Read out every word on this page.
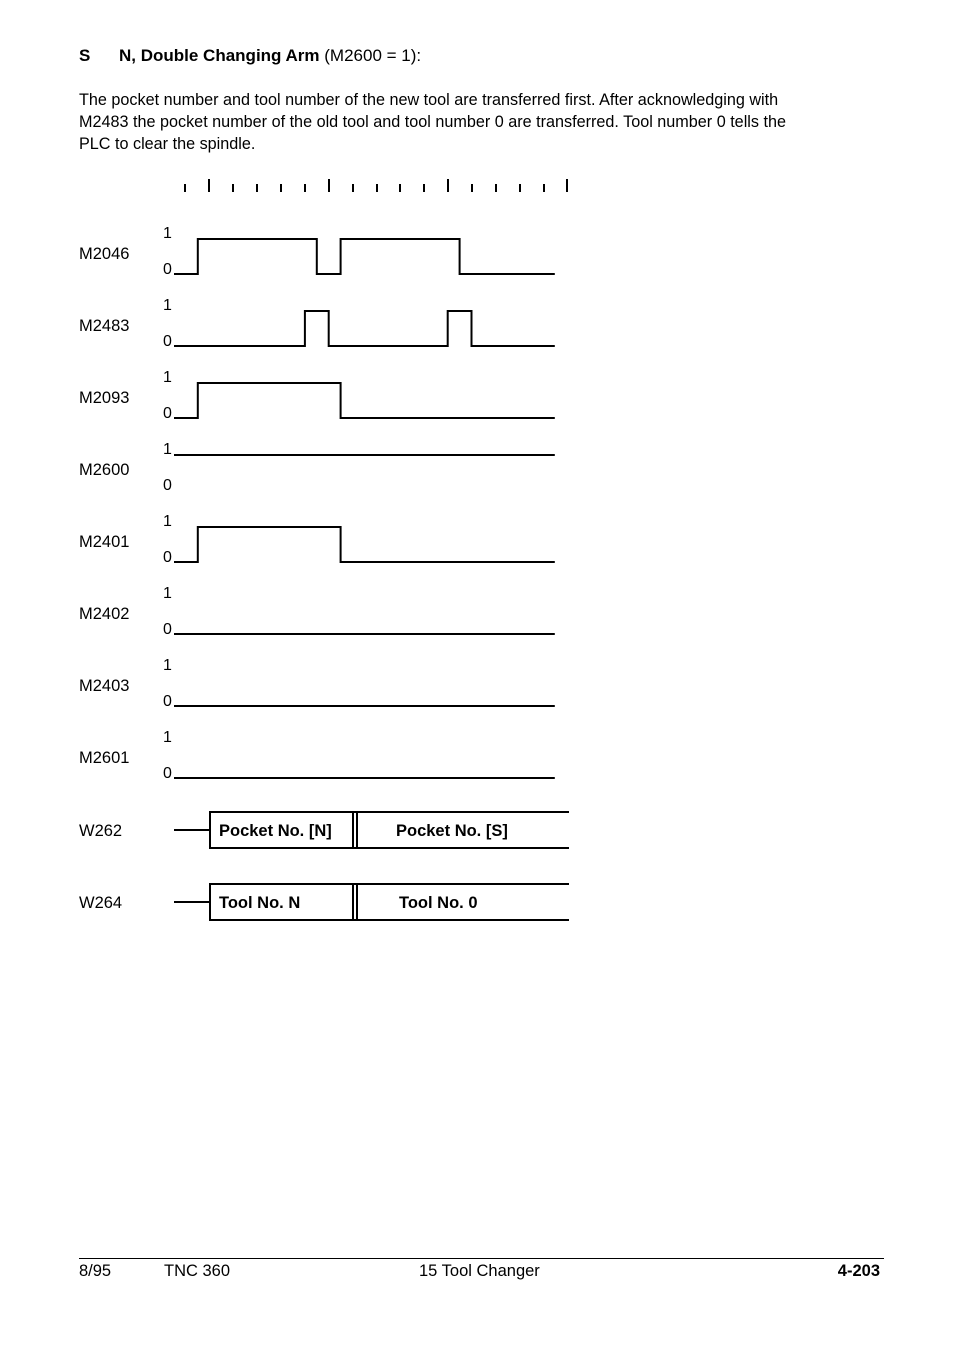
S N, Double Changing Arm (M2600 = 1):
The pocket number and tool number of the new tool are transferred first. After acknowledging with
M2483 the pocket number of the old tool and tool number 0 are transferred. Tool number 0 tells the
PLC to clear the spindle.
M2046
1
0
M2483
1
0
M2093
1
0
M2600
1
0
M2401
1
0
M2402
1
0
M2403
1
0
M2601
1
0
W262	Pocket No. [N]	Pocket No. [S]
W264	Tool No. N	Tool No. 0
8/95	TNC 360	15 Tool Changer	4-203
